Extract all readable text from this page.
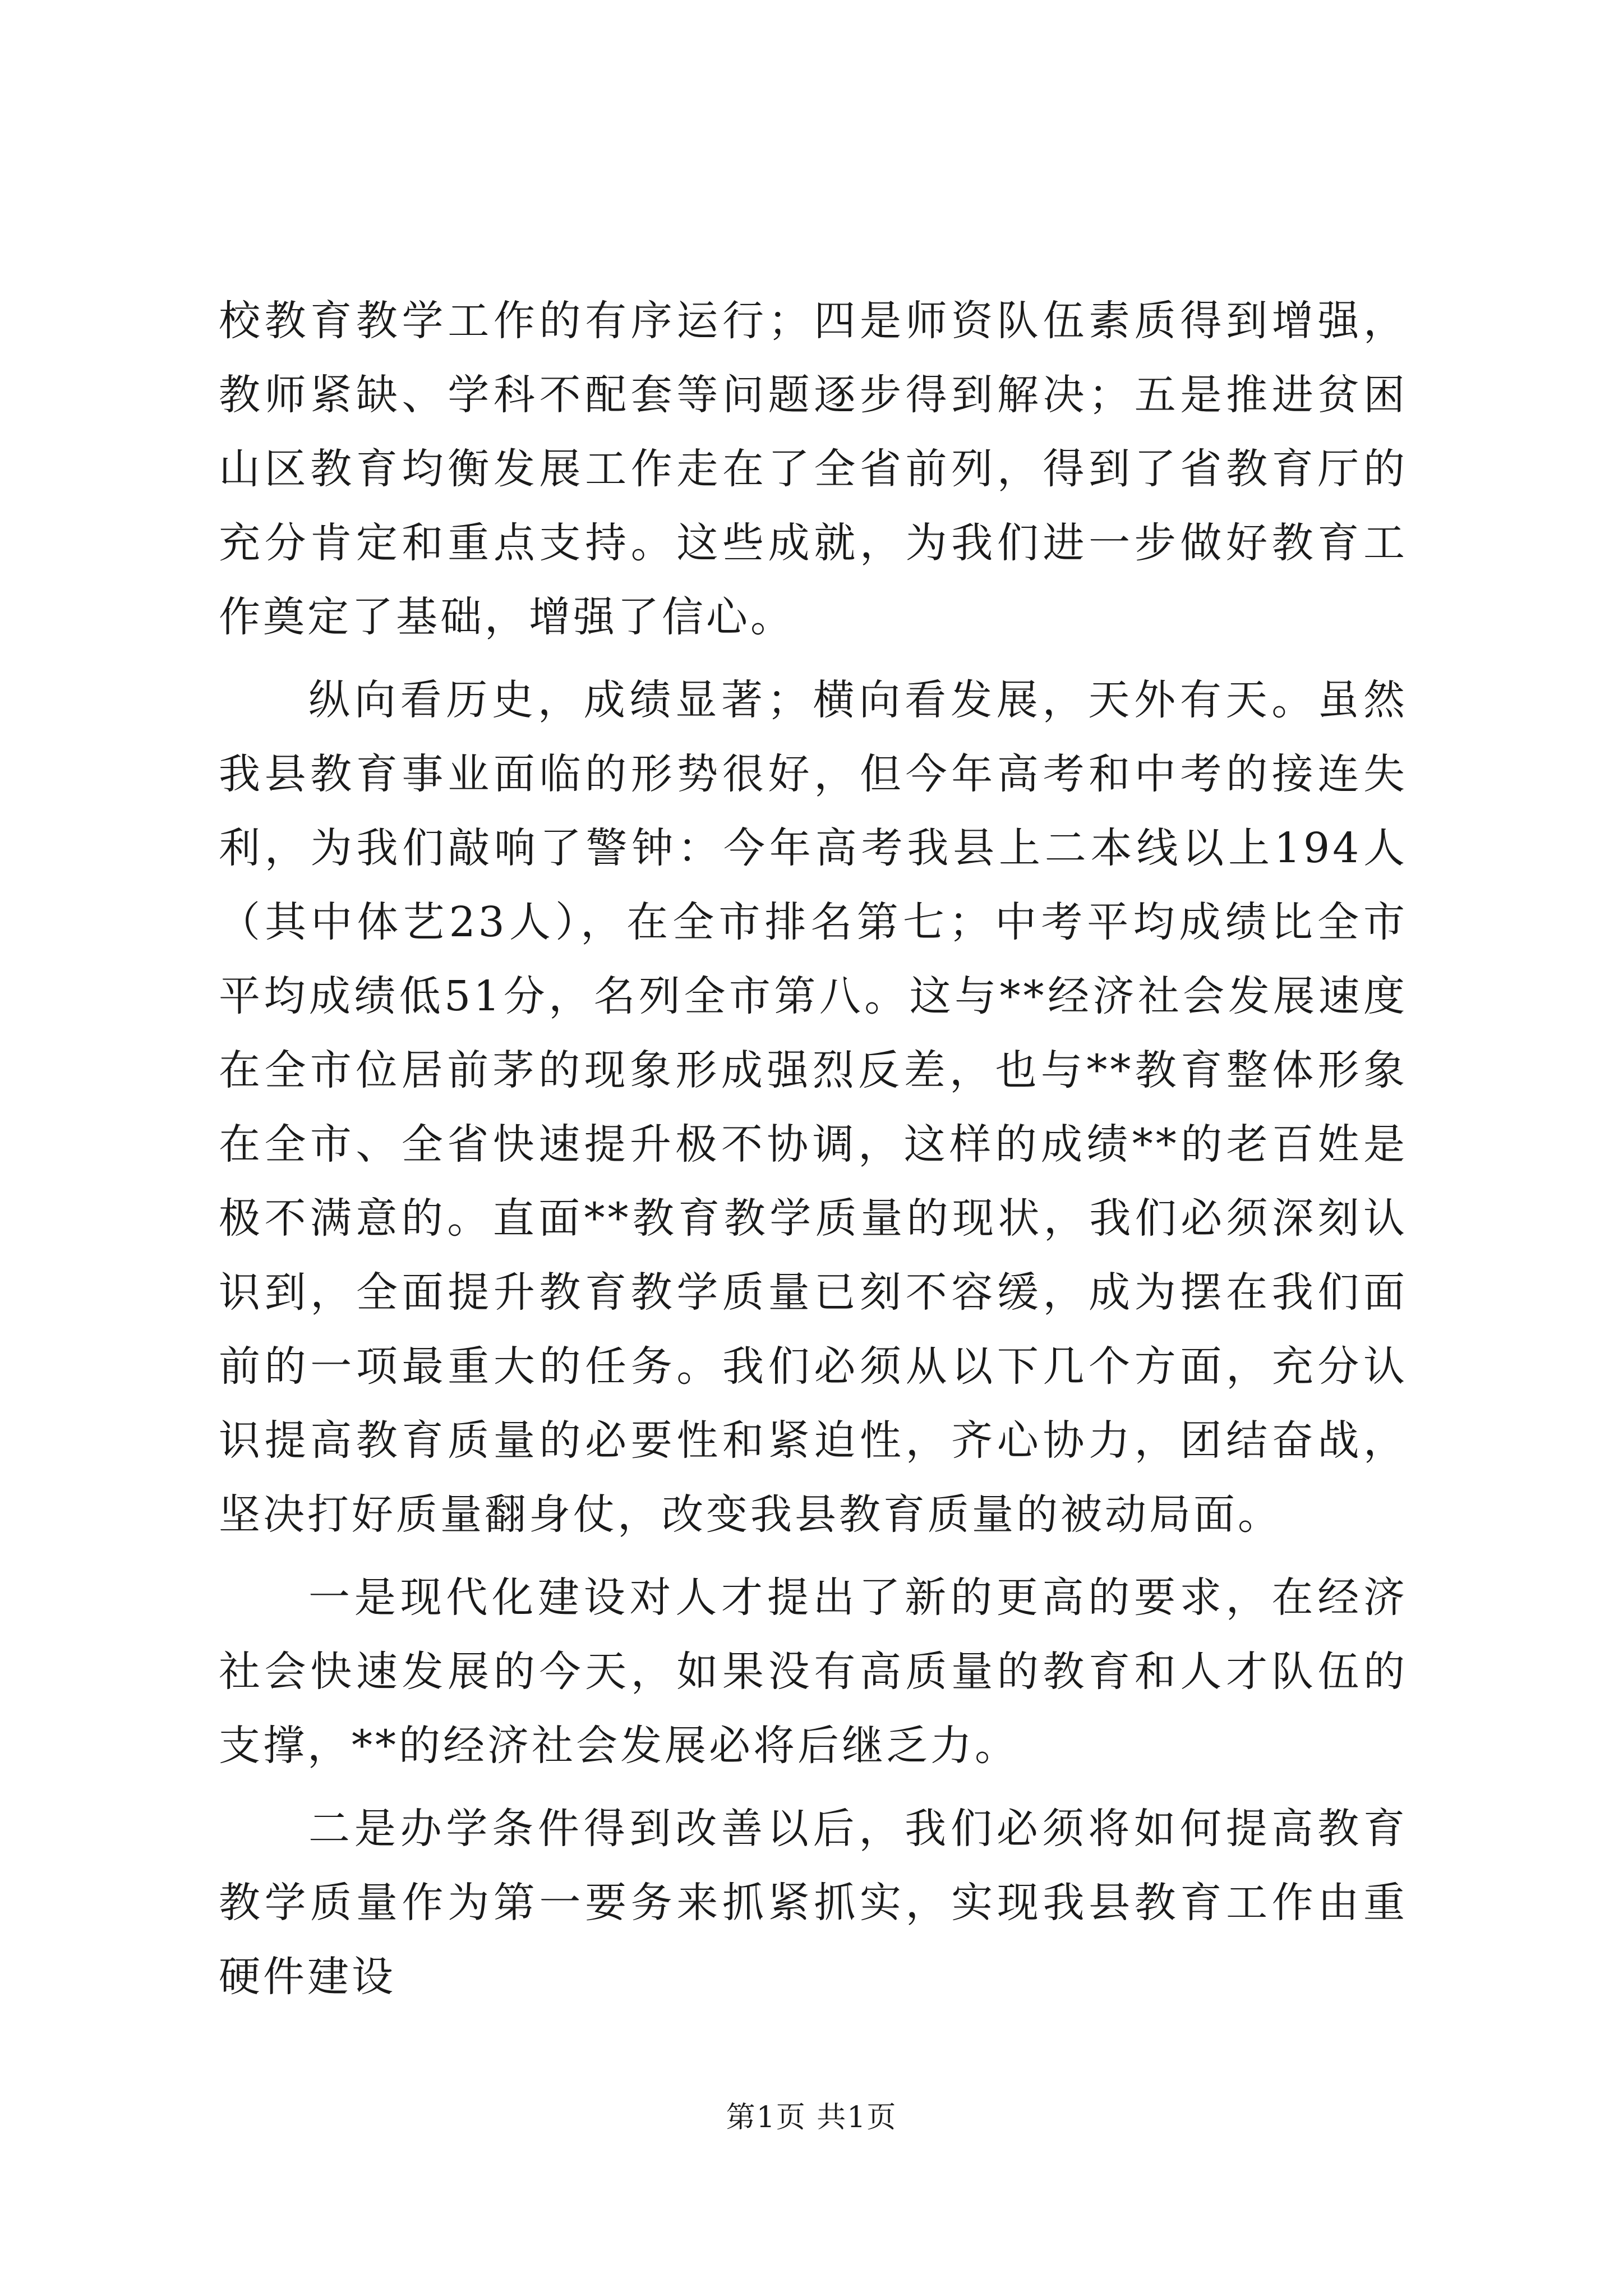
校教育教学工作的有序运行；四是师资队伍素质得到增强，教师紧缺、学科不配套等问题逐步得到解决；五是推进贫困山区教育均衡发展工作走在了全省前列，得到了省教育厅的充分肯定和重点支持。这些成就，为我们进一步做好教育工作奠定了基础，增强了信心。

纵向看历史，成绩显著；横向看发展，天外有天。虽然我县教育事业面临的形势很好，但今年高考和中考的接连失利，为我们敲响了警钟：今年高考我县上二本线以上194人（其中体艺23人），在全市排名第七；中考平均成绩比全市平均成绩低51分，名列全市第八。这与**经济社会发展速度在全市位居前茅的现象形成强烈反差，也与**教育整体形象在全市、全省快速提升极不协调，这样的成绩**的老百姓是极不满意的。直面**教育教学质量的现状，我们必须深刻认识到，全面提升教育教学质量已刻不容缓，成为摆在我们面前的一项最重大的任务。我们必须从以下几个方面，充分认识提高教育质量的必要性和紧迫性，齐心协力，团结奋战，坚决打好质量翻身仗，改变我县教育质量的被动局面。

一是现代化建设对人才提出了新的更高的要求，在经济社会快速发展的今天，如果没有高质量的教育和人才队伍的支撑，**的经济社会发展必将后继乏力。

二是办学条件得到改善以后，我们必须将如何提高教育教学质量作为第一要务来抓紧抓实，实现我县教育工作由重硬件建设

第1页 共1页
